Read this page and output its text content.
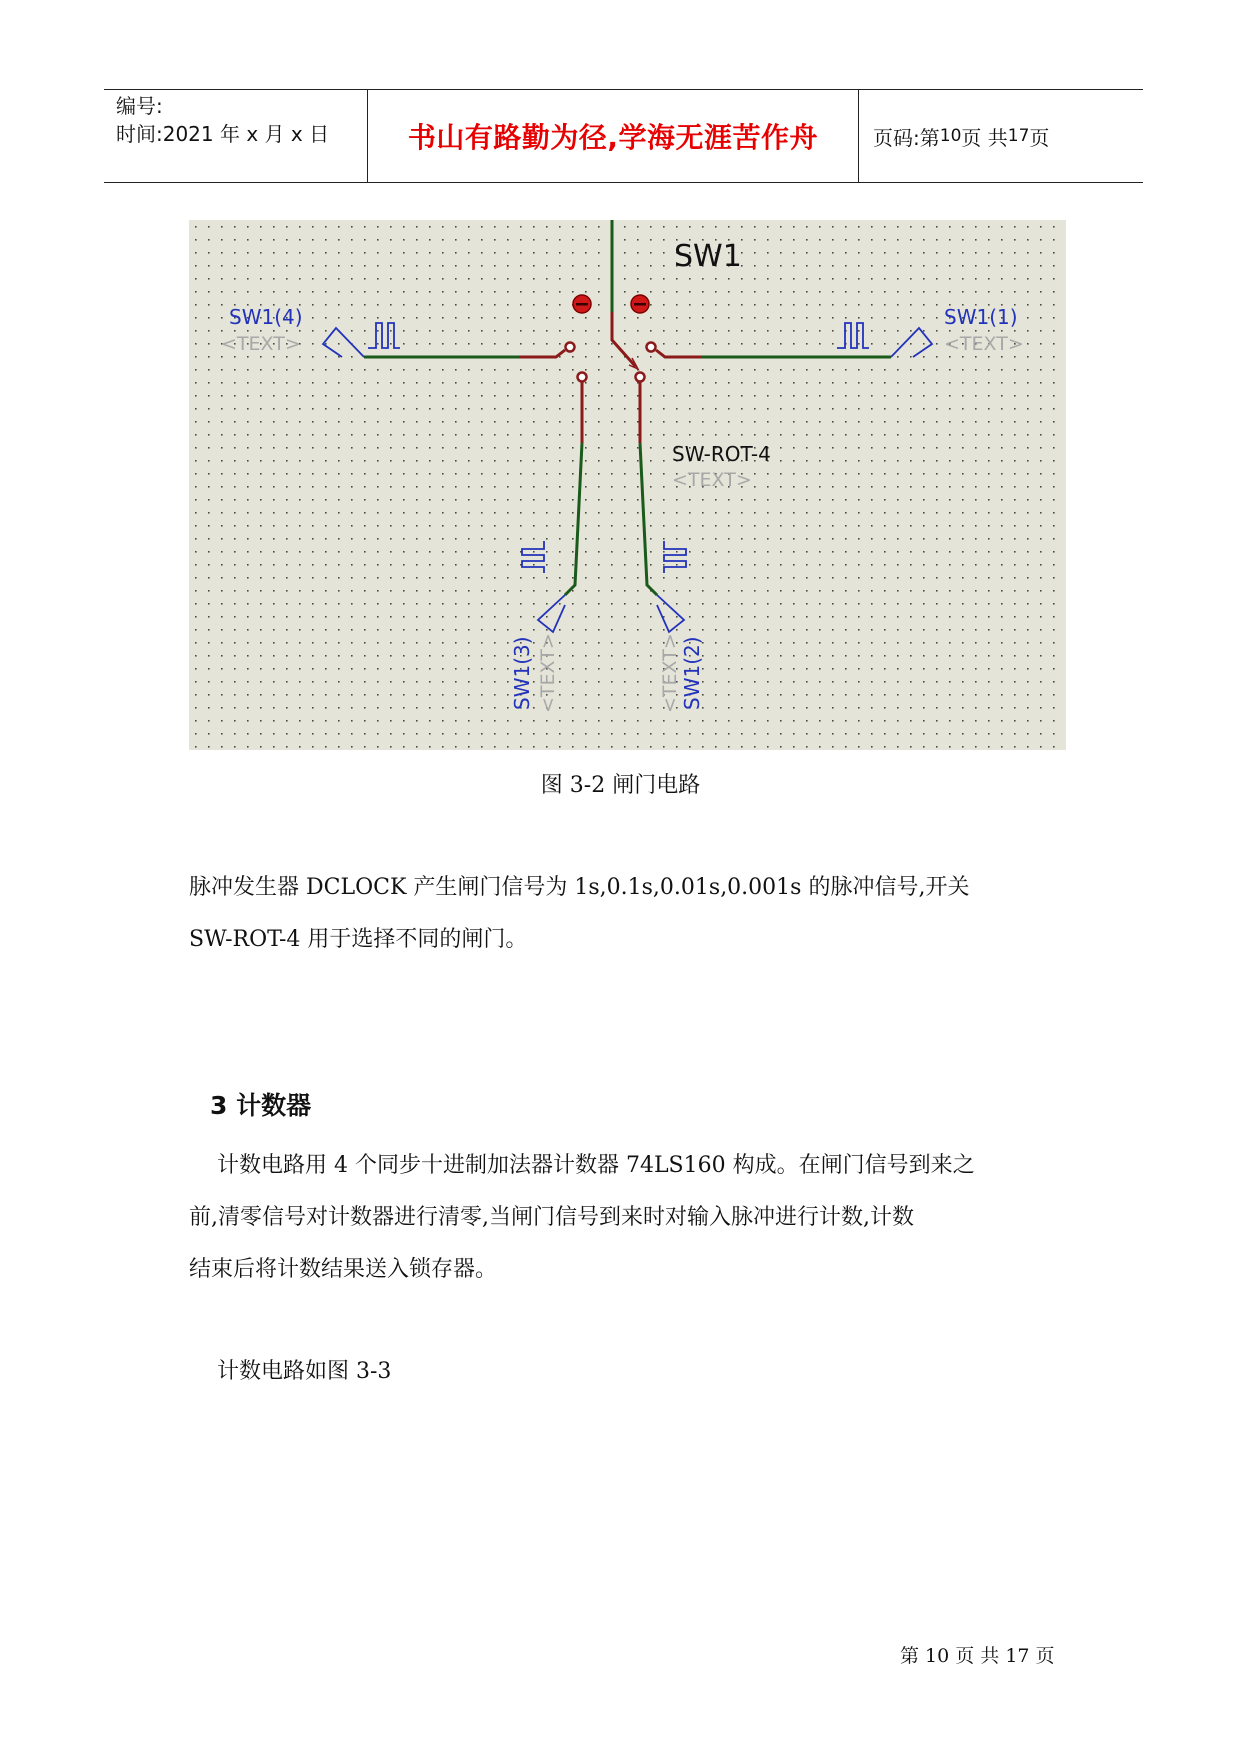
编号:
时间:2021 年 x 月 x 日	书山有路勤为径,学海无涯苦作舟	页码:第 10 页 共 17 页
SW1
SW-ROT-4
<TEXT>
SW1(4)
<TEXT>
SW1(1)
<TEXT>
SW1(3) <TEXT>	<TEXT> SW1(2)
图 3-2 闸门电路
脉冲发生器 DCLOCK 产生闸门信号为 1s,0.1s,0.01s,0.001s 的脉冲信号,开关
SW-ROT-4 用于选择不同的闸门。
3 计数器
计数电路用 4 个同步十进制加法器计数器 74LS160 构成。在闸门信号到来之
前,清零信号对计数器进行清零,当闸门信号到来时对输入脉冲进行计数,计数
结束后将计数结果送入锁存器。
计数电路如图 3-3
第 10 页 共 17 页
